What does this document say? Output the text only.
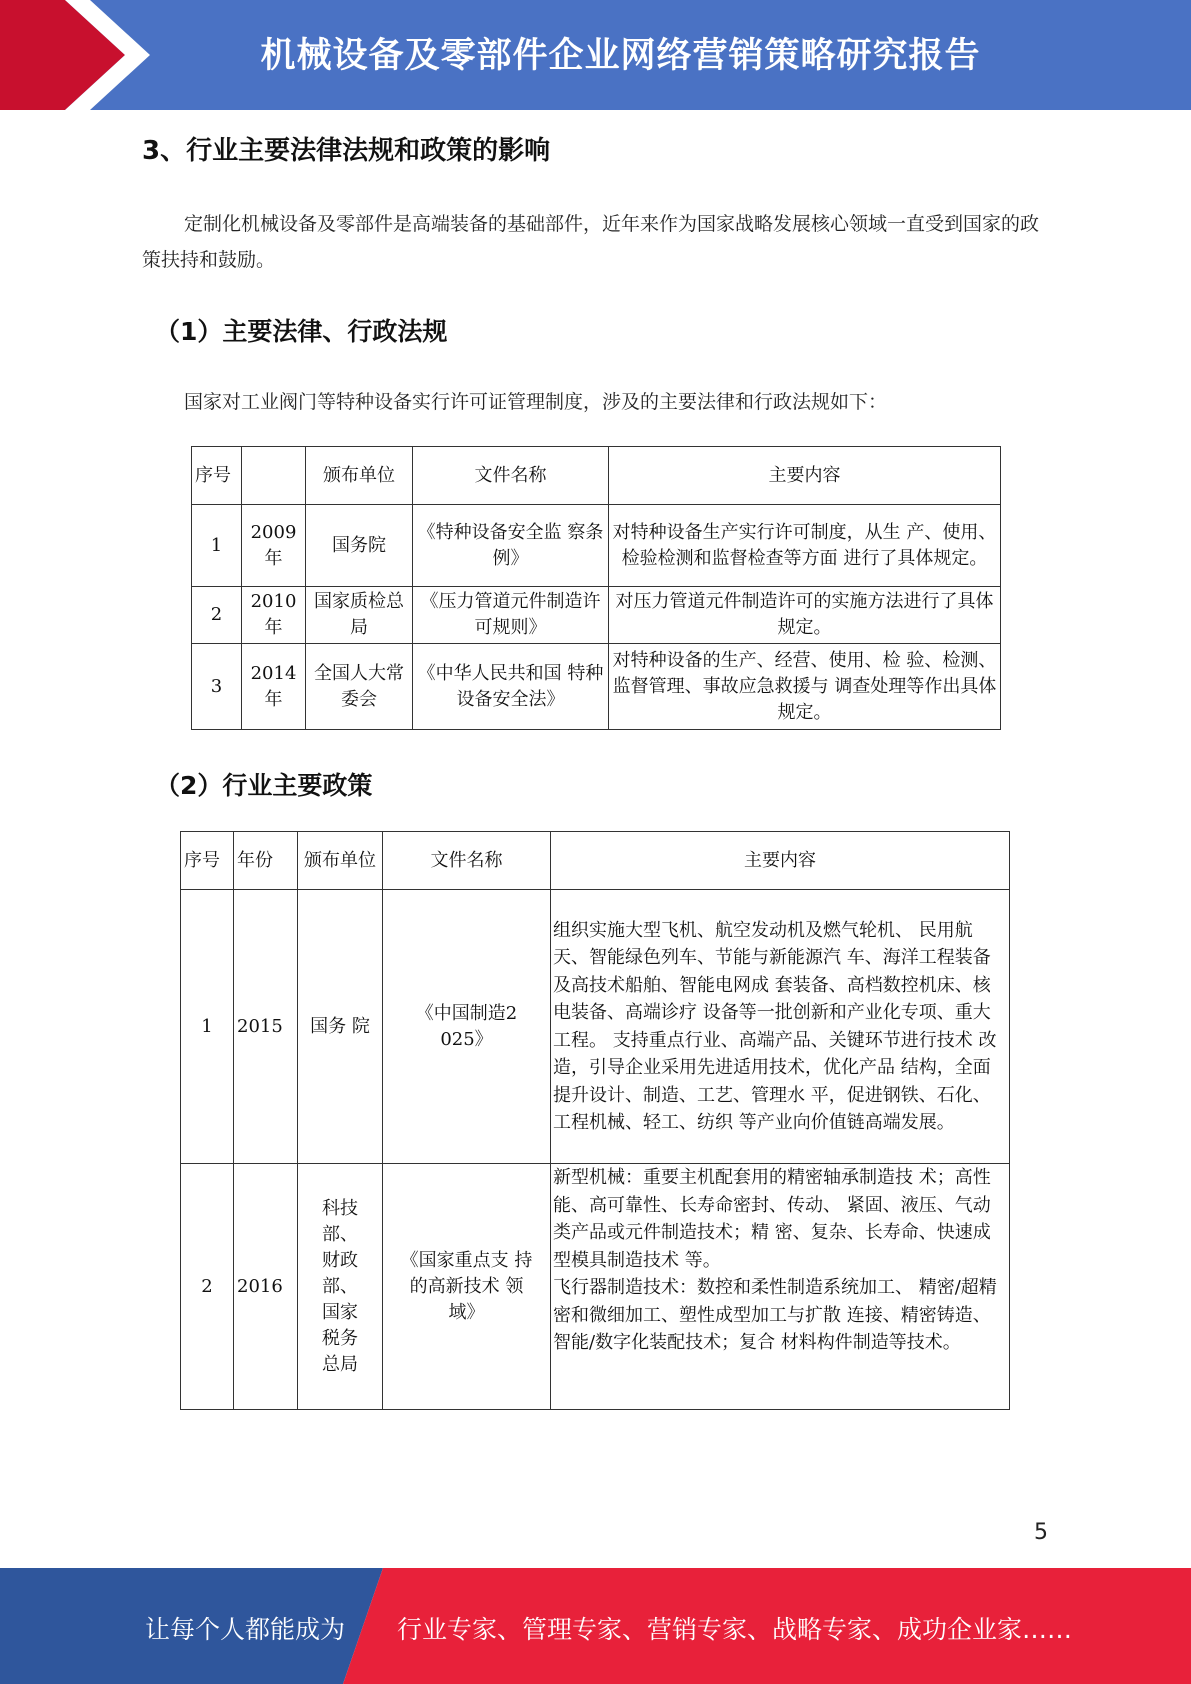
机械设备及零部件企业网络营销策略研究报告
3、行业主要法律法规和政策的影响

定制化机械设备及零部件是高端装备的基础部件，近年来作为国家战略发展核心领域一直受到国家的政策扶持和鼓励。

（1）主要法律、行政法规

国家对工业阀门等特种设备实行许可证管理制度，涉及的主要法律和行政法规如下：

序号		颁布单位	文件名称	主要内容
1	2009年	国务院	《特种设备安全监 察条例》	对特种设备生产实行许可制度，从生 产、使用、检验检测和监督检查等方面 进行了具体规定。
2	2010年	国家质检总局	《压力管道元件制造许可规则》	对压力管道元件制造许可的实施方法进行了具体规定。
3	2014年	全国人大常委会	《中华人民共和国 特种设备安全法》	对特种设备的生产、经营、使用、检 验、检测、监督管理、事故应急救援与 调查处理等作出具体规定。
（2）行业主要政策
序号	年份	颁布单位	文件名称	主要内容
1	2015	国务 院	《中国制造2025》	组织实施大型飞机、航空发动机及燃气轮机、 民用航天、智能绿色列车、节能与新能源汽 车、海洋工程装备及高技术船舶、智能电网成 套装备、高档数控机床、核电装备、高端诊疗 设备等一批创新和产业化专项、重大工程。 支持重点行业、高端产品、关键环节进行技术 改造，引导企业采用先进适用技术，优化产品 结构，全面提升设计、制造、工艺、管理水 平，促进钢铁、石化、工程机械、轻工、纺织 等产业向价值链高端发展。
2	2016	科技部、财政部、国家税务总局	《国家重点支 持的高新技术 领域》	新型机械：重要主机配套用的精密轴承制造技 术；高性能、高可靠性、长寿命密封、传动、 紧固、液压、气动类产品或元件制造技术；精 密、复杂、长寿命、快速成型模具制造技术 等。
飞行器制造技术：数控和柔性制造系统加工、 精密/超精密和微细加工、塑性成型加工与扩散 连接、精密铸造、智能/数字化装配技术；复合 材料构件制造等技术。
5
让每个人都能成为 行业专家、管理专家、营销专家、战略专家、成功企业家……
